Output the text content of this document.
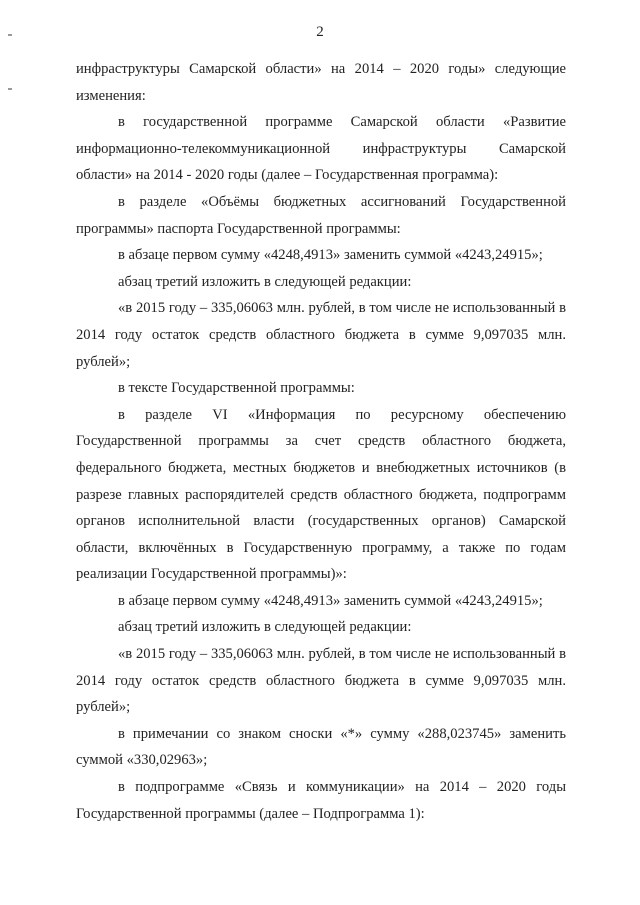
2

инфраструктуры Самарской области» на 2014 – 2020 годы» следующие изменения:

в государственной программе Самарской области «Развитие информационно-телекоммуникационной инфраструктуры Самарской области» на 2014 - 2020 годы (далее – Государственная программа):

в разделе «Объёмы бюджетных ассигнований Государственной программы» паспорта Государственной программы:

в абзаце первом сумму «4248,4913» заменить суммой «4243,24915»;

абзац третий изложить в следующей редакции:

«в 2015 году – 335,06063 млн. рублей, в том числе не использованный в 2014 году остаток средств областного бюджета в сумме 9,097035 млн. рублей»;

в тексте Государственной программы:

в разделе VI «Информация по ресурсному обеспечению Государственной программы за счет средств областного бюджета, федерального бюджета, местных бюджетов и внебюджетных источников (в разрезе главных распорядителей средств областного бюджета, подпрограмм органов исполнительной власти (государственных органов) Самарской области, включённых в Государственную программу, а также по годам реализации Государственной программы)»:

в абзаце первом сумму «4248,4913» заменить суммой «4243,24915»;

абзац третий изложить в следующей редакции:

«в 2015 году – 335,06063 млн. рублей, в том числе не использованный в 2014 году остаток средств областного бюджета в сумме 9,097035 млн. рублей»;

в примечании со знаком сноски «*» сумму «288,023745» заменить суммой «330,02963»;

в подпрограмме «Связь и коммуникации» на 2014 – 2020 годы Государственной программы (далее – Подпрограмма 1):
